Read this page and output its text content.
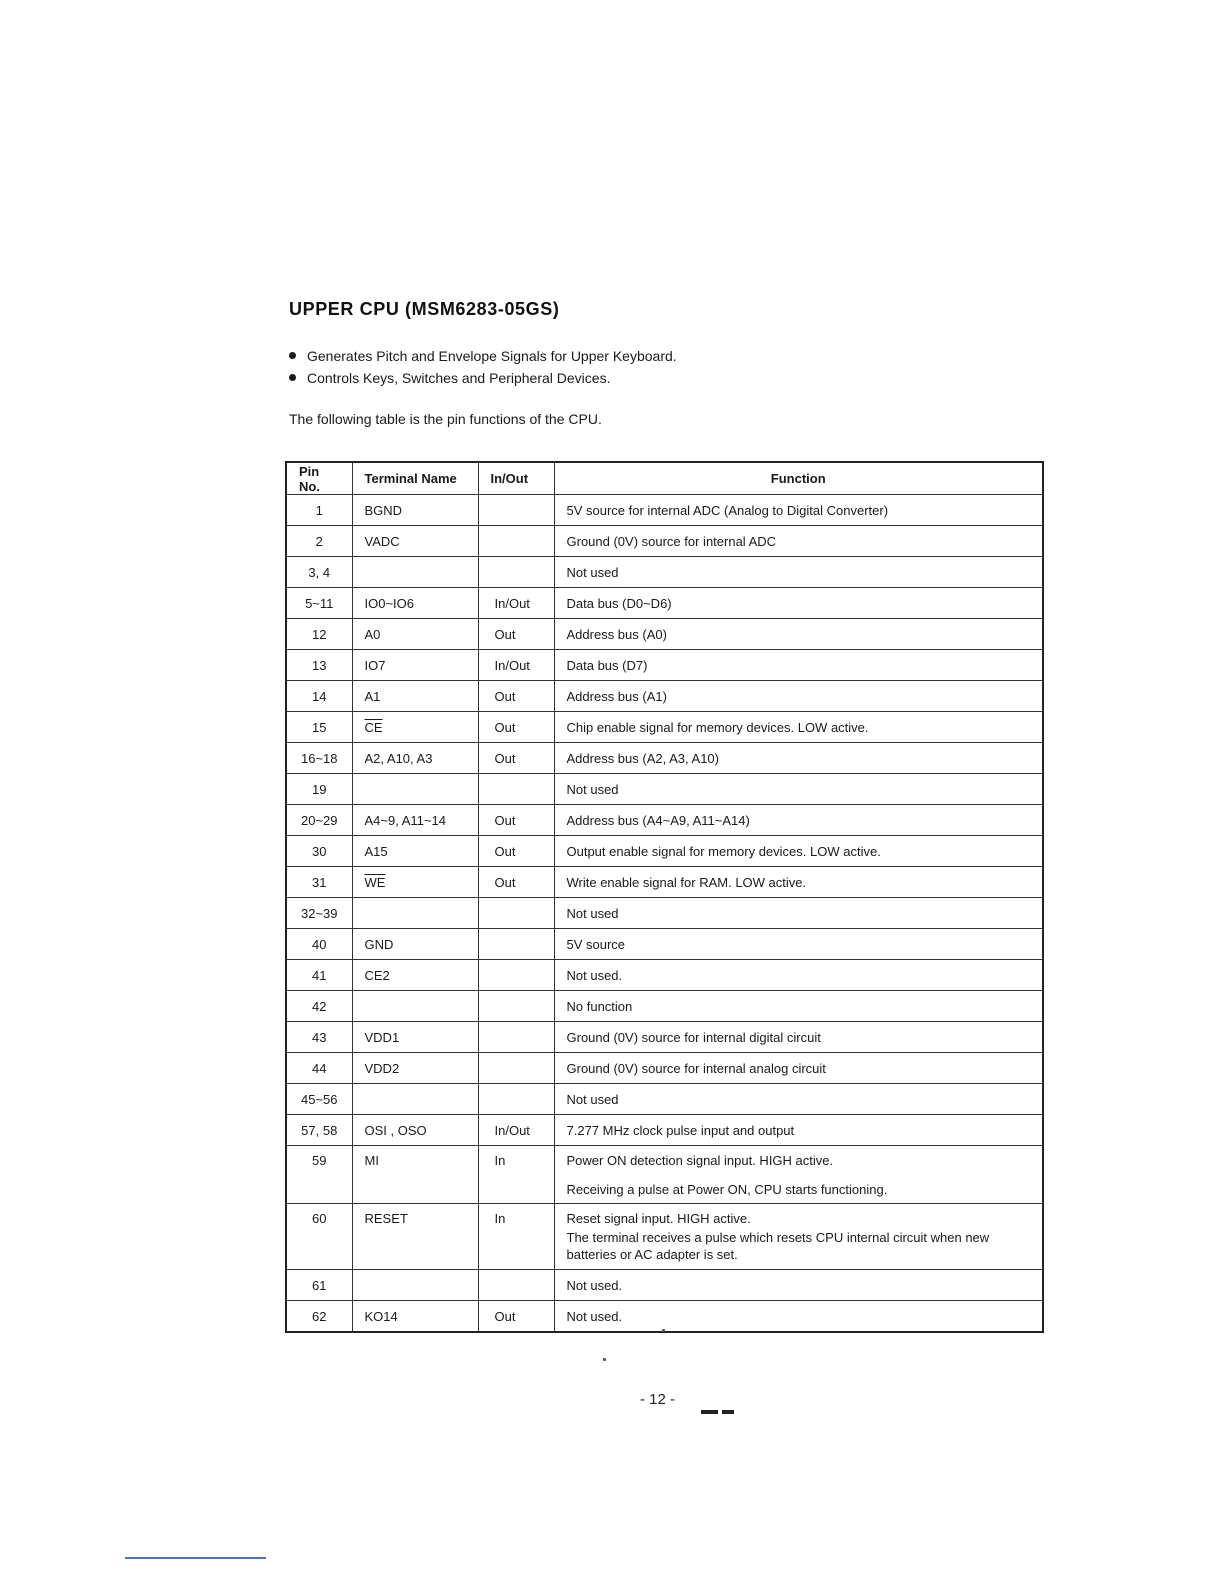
UPPER CPU (MSM6283-05GS)
Generates Pitch and Envelope Signals for Upper Keyboard.
Controls Keys, Switches and Peripheral Devices.
The following table is the pin functions of the CPU.
Pin No.	Terminal Name	In/Out	Function
1	BGND		5V source for internal ADC (Analog to Digital Converter)
2	VADC		Ground (0V) source for internal ADC
3, 4			Not used
5~11	IO0~IO6	In/Out	Data bus (D0~D6)
12	A0	Out	Address bus (A0)
13	IO7	In/Out	Data bus (D7)
14	A1	Out	Address bus (A1)
15	$\overline{CE}$	Out	Chip enable signal for memory devices. LOW active.
16~18	A2, A10, A3	Out	Address bus (A2, A3, A10)
19			Not used
20~29	A4~9, A11~14	Out	Address bus (A4~A9, A11~A14)
30	A15	Out	Output enable signal for memory devices. LOW active.
31	$\overline{WE}$	Out	Write enable signal for RAM. LOW active.
32~39			Not used
40	GND		5V source
41	CE2		Not used.
42			No function
43	VDD1		Ground (0V) source for internal digital circuit
44	VDD2		Ground (0V) source for internal analog circuit
45~56			Not used
57, 58	OSI , OSO	In/Out	7.277 MHz clock pulse input and output
59	MI	In	Power ON detection signal input. HIGH active.
Receiving a pulse at Power ON, CPU starts functioning.

60	RESET	In	Reset signal input. HIGH active.
The terminal receives a pulse which resets CPU internal circuit when new batteries or AC adapter is set.

61			Not used.
62	KO14	Out	Not used.
- 12 -
